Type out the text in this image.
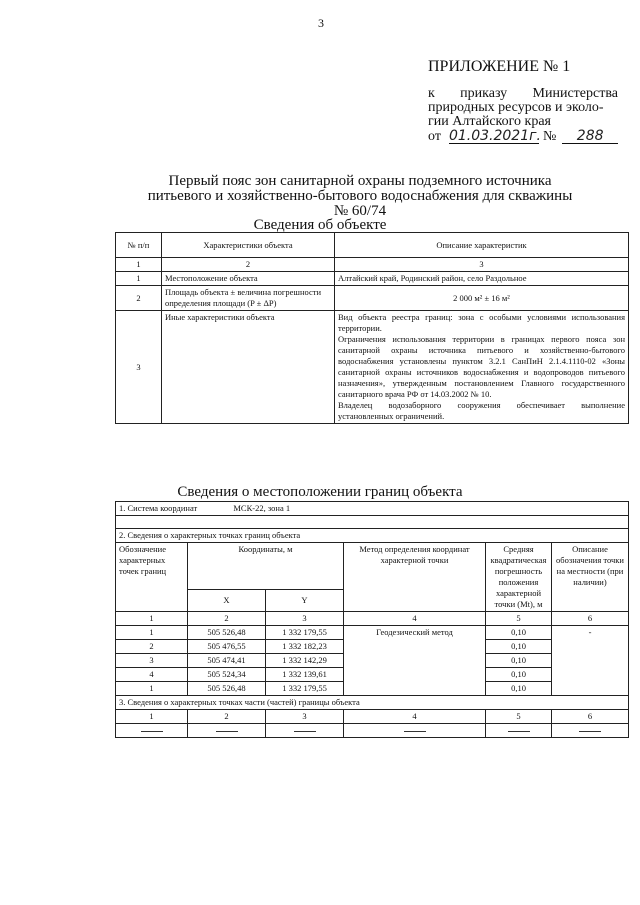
3
ПРИЛОЖЕНИЕ № 1
к приказу Министерства
природных ресурсов и эколо-
гии Алтайского края
от 01.03.2021г. №	288
Первый пояс зон санитарной охраны подземного источника питьевого и хозяйственно-бытового водоснабжения для скважины № 60/74
Сведения об объекте
№ п/п	Характеристики объекта	Описание характеристик
1	2	3
1	Местоположение объекта	Алтайский край, Родинский район, село Раздольное
2	Площадь объекта ± величина погрешности определения площади (P ± ΔP)	2 000 м² ± 16 м²
3	Иные характеристики объекта	Вид объекта реестра границ: зона с особыми условиями использования территории.
Ограничения использования территории в границах первого пояса зон санитарной охраны источника питьевого и хозяйственно-бытового водоснабжения установлены пунктом 3.2.1 СанПиН 2.1.4.1110-02 «Зоны санитарной охраны источников водоснабжения и водопроводов питьевого назначения», утвержденным постановлением Главного государственного санитарного врача РФ от 14.03.2002 № 10.
Владелец водозаборного сооружения обеспечивает выполнение установленных ограничений.
Сведения о местоположении границ объекта
1. Система координат МСК-22, зона 1					

2. Сведения о характерных точках границ объекта					
Обозначение характерных точек границ	Координаты, м		Метод определения координат характерной точки	Средняя квадратическая погрешность положения характерной точки (Mt), м	Описание обозначения точки на местности (при наличии)
	X	Y			
1	2	3	4	5	6
1	505 526,48	1 332 179,55	Геодезический метод	0,10	-
2	505 476,55	1 332 182,23		0,10	
3	505 474,41	1 332 142,29		0,10	
4	505 524,34	1 332 139,61		0,10	
1	505 526,48	1 332 179,55		0,10	
3. Сведения о характерных точках части (частей) границы объекта					
1	2	3	4	5	6
